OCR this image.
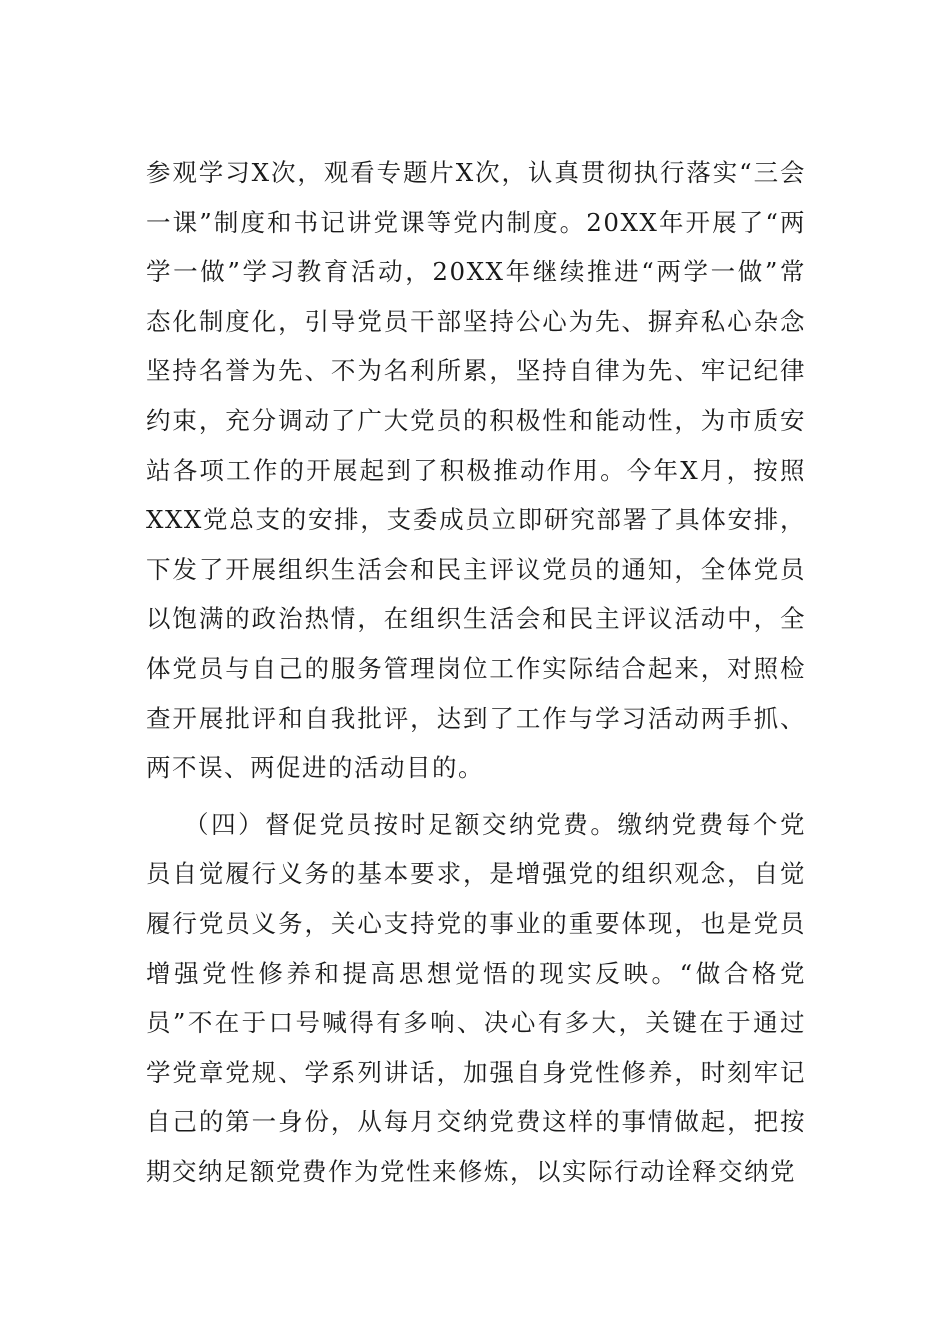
参观学习X次，观看专题片X次，认真贯彻执行落实“三会一课”制度和书记讲党课等党内制度。20XX年开展了“两学一做”学习教育活动，20XX年继续推进“两学一做”常态化制度化，引导党员干部坚持公心为先、摒弃私心杂念坚持名誉为先、不为名利所累，坚持自律为先、牢记纪律约束，充分调动了广大党员的积极性和能动性，为市质安站各项工作的开展起到了积极推动作用。今年X月，按照XXX党总支的安排，支委成员立即研究部署了具体安排，下发了开展组织生活会和民主评议党员的通知，全体党员以饱满的政治热情，在组织生活会和民主评议活动中，全体党员与自己的服务管理岗位工作实际结合起来，对照检查开展批评和自我批评，达到了工作与学习活动两手抓、两不误、两促进的活动目的。

（四）督促党员按时足额交纳党费。缴纳党费每个党员自觉履行义务的基本要求，是增强党的组织观念，自觉履行党员义务，关心支持党的事业的重要体现，也是党员增强党性修养和提高思想觉悟的现实反映。“做合格党员”不在于口号喊得有多响、决心有多大，关键在于通过学党章党规、学系列讲话，加强自身党性修养，时刻牢记自己的第一身份，从每月交纳党费这样的事情做起，把按期交纳足额党费作为党性来修炼，以实际行动诠释交纳党
